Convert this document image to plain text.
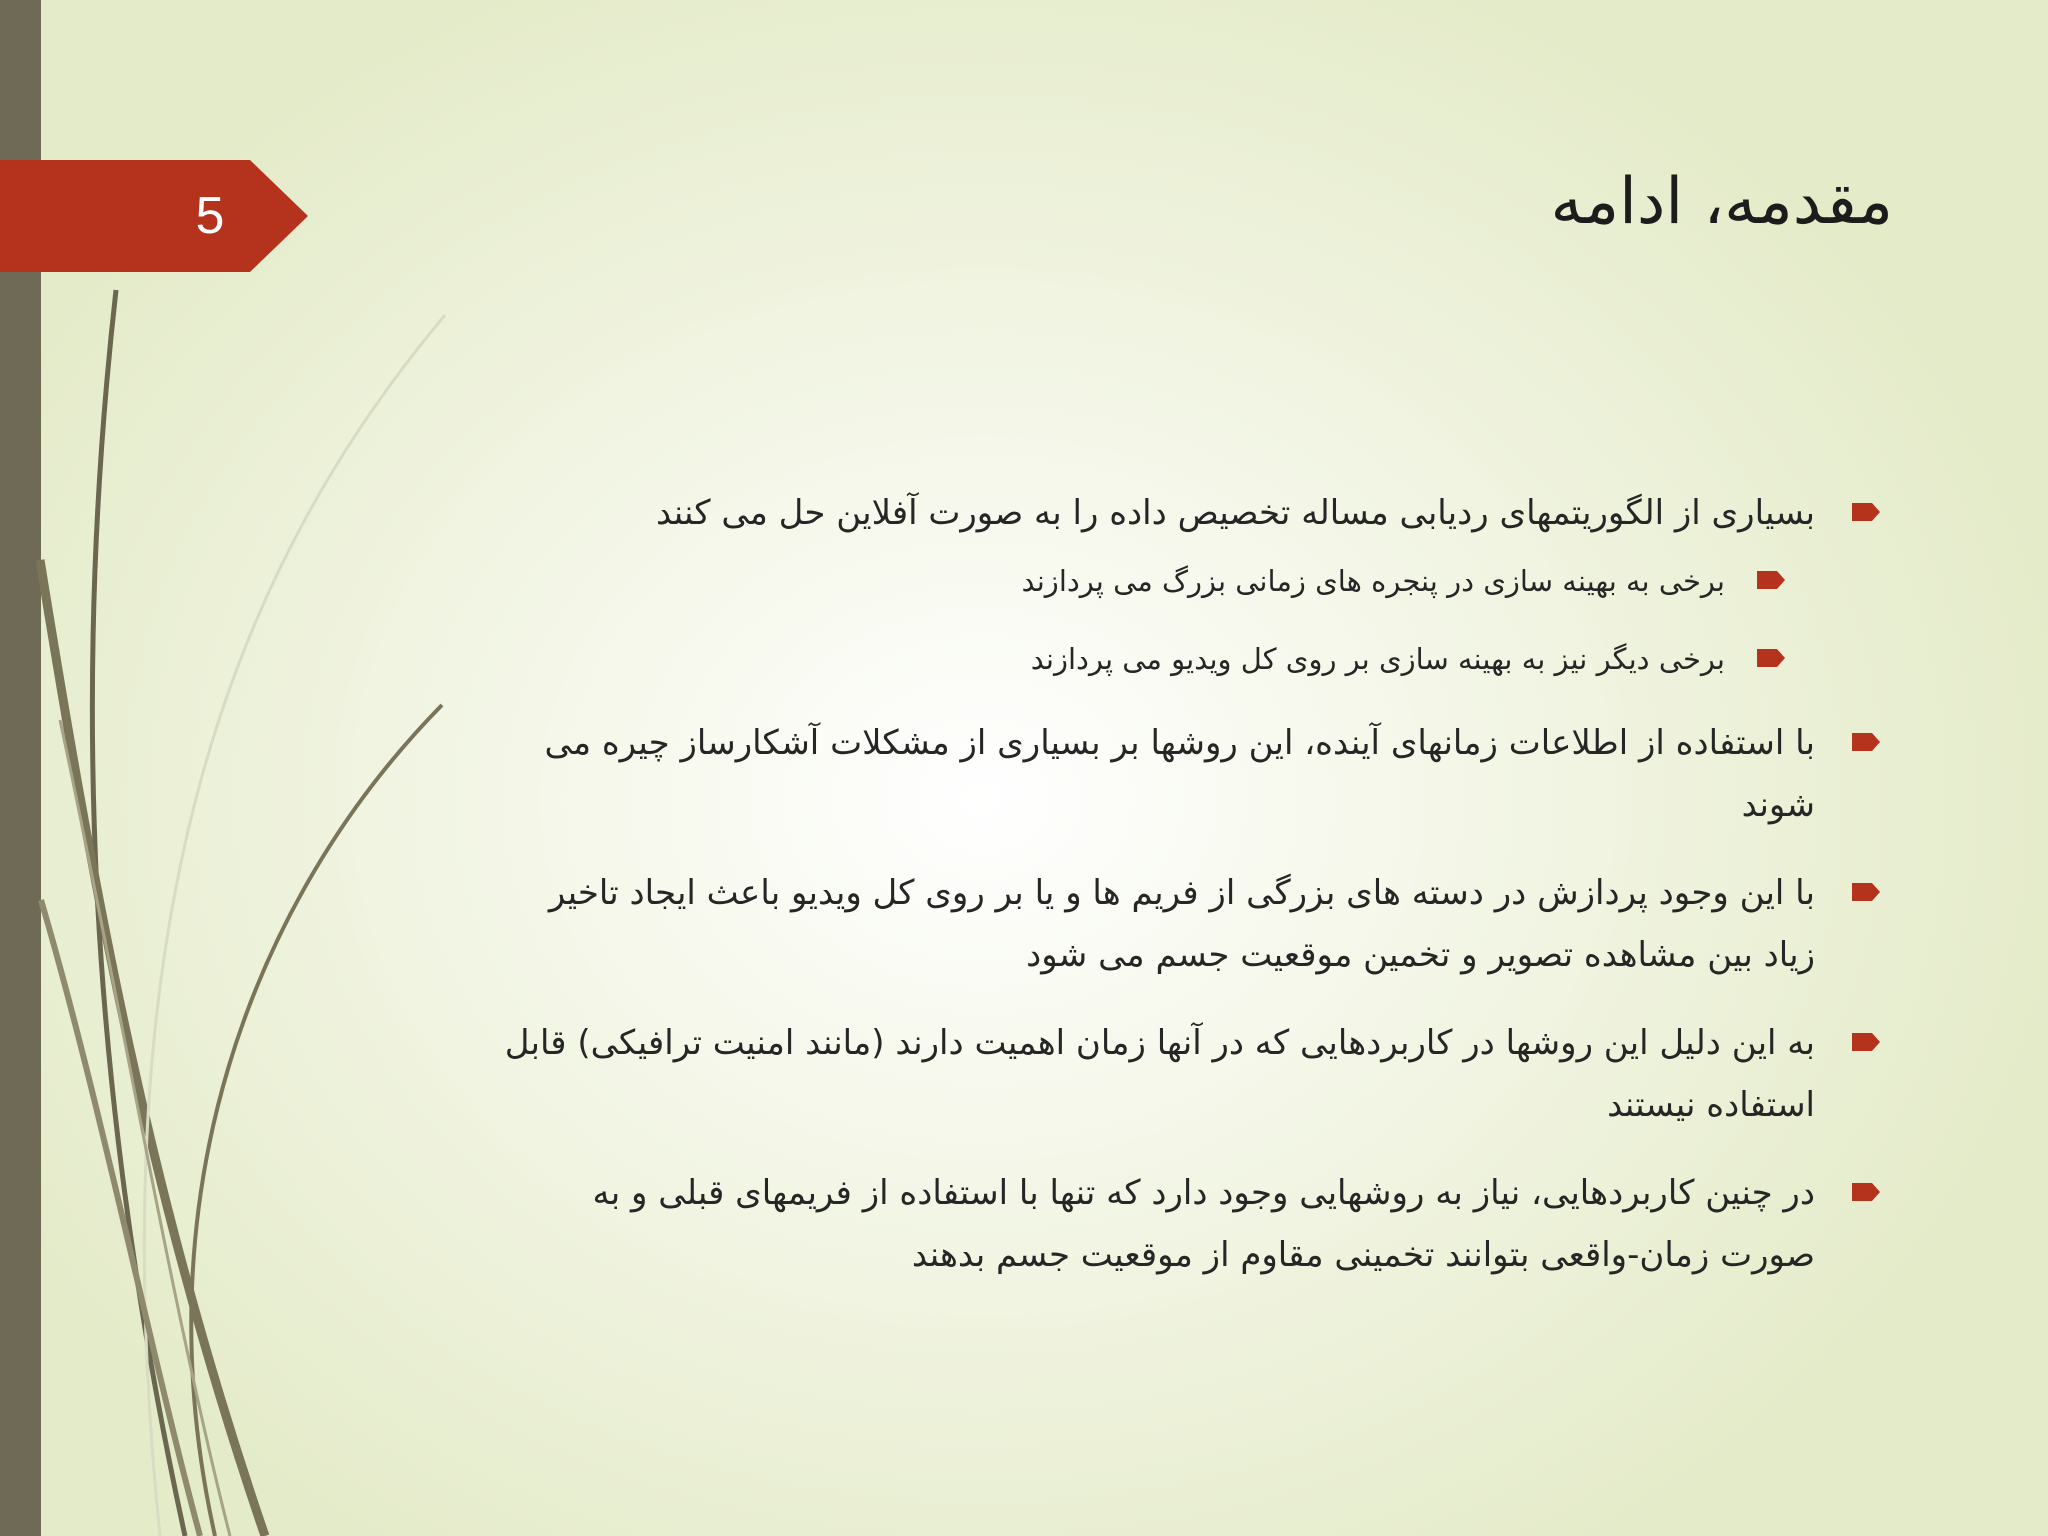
5	مقدمه، ادامه
بسیاری از الگوریتمهای ردیابی مساله تخصیص داده را به صورت آفلاین حل می کنند
برخی به بهینه سازی در پنجره های زمانی بزرگ می پردازند
برخی دیگر نیز به بهینه سازی بر روی کل ویدیو می پردازند
با استفاده از اطلاعات زمانهای آینده، این روشها بر بسیاری از مشکلات آشکارساز چیره می شوند
با این وجود پردازش در دسته های بزرگی از فریم ها و یا بر روی کل ویدیو باعث ایجاد تاخیر زیاد بین مشاهده تصویر و تخمین موقعیت جسم می شود
به این دلیل این روشها در کاربردهایی که در آنها زمان اهمیت دارند (مانند امنیت ترافیکی) قابل استفاده نیستند
در چنین کاربردهایی، نیاز به روشهایی وجود دارد که تنها با استفاده از فریمهای قبلی و به صورت زمان-واقعی بتوانند تخمینی مقاوم از موقعیت جسم بدهند
